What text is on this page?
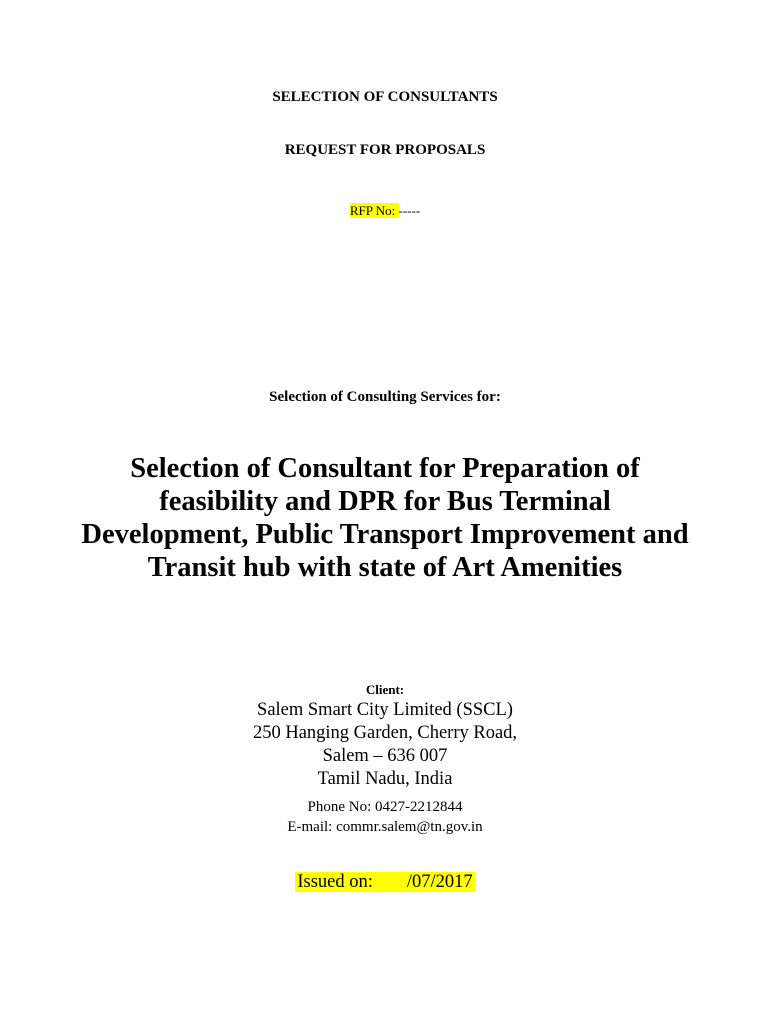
SELECTION OF CONSULTANTS
REQUEST FOR PROPOSALS
RFP No: -----
Selection of Consulting Services for:
Selection of Consultant for Preparation of feasibility and DPR for Bus Terminal Development, Public Transport Improvement and Transit hub with state of Art Amenities
Client:
Salem Smart City Limited (SSCL)
250 Hanging Garden, Cherry Road,
Salem – 636 007
Tamil Nadu, India
Phone No: 0427-2212844
E-mail: commr.salem@tn.gov.in
Issued on: /07/2017
